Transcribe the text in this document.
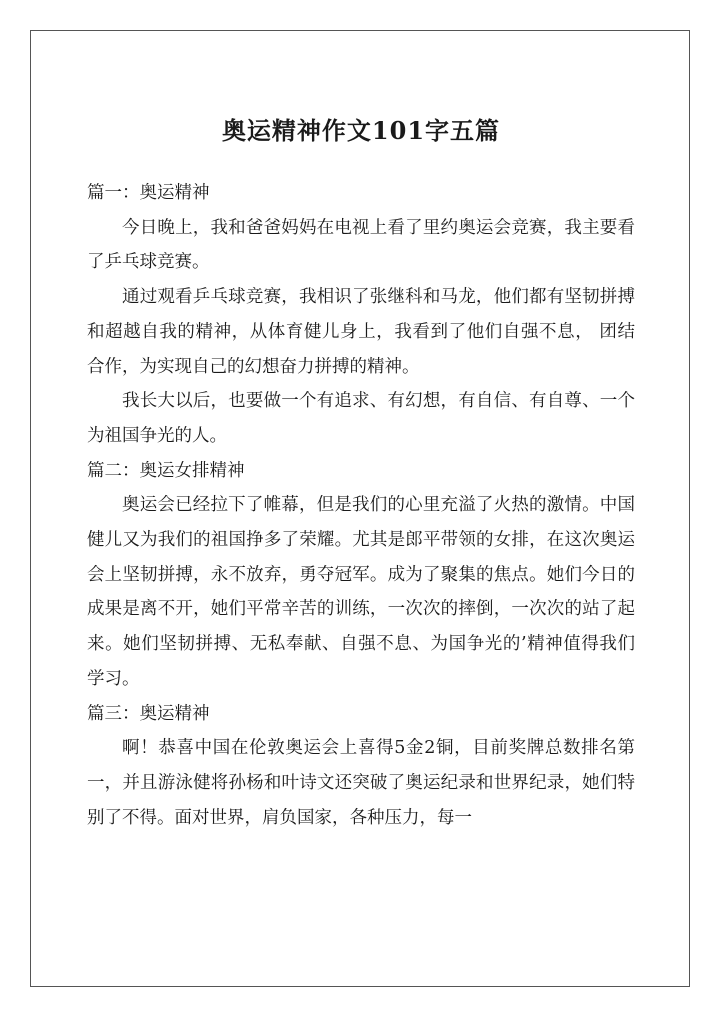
奥运精神作文101字五篇

篇一：奥运精神

今日晚上，我和爸爸妈妈在电视上看了里约奥运会竞赛，我主要看了乒乓球竞赛。

通过观看乒乓球竞赛，我相识了张继科和马龙，他们都有坚韧拼搏和超越自我的精神，从体育健儿身上，我看到了他们自强不息， 团结合作，为实现自己的幻想奋力拼搏的精神。

我长大以后，也要做一个有追求、有幻想，有自信、有自尊、一个为祖国争光的人。

篇二：奥运女排精神

奥运会已经拉下了帷幕，但是我们的心里充溢了火热的激情。中国健儿又为我们的祖国挣多了荣耀。尤其是郎平带领的女排，在这次奥运会上坚韧拼搏，永不放弃，勇夺冠军。成为了聚集的焦点。她们今日的成果是离不开，她们平常辛苦的训练，一次次的摔倒，一次次的站了起来。她们坚韧拼搏、无私奉献、自强不息、为国争光的’精神值得我们学习。

篇三：奥运精神

啊！恭喜中国在伦敦奥运会上喜得5金2铜，目前奖牌总数排名第一，并且游泳健将孙杨和叶诗文还突破了奥运纪录和世界纪录，她们特别了不得。面对世界，肩负国家，各种压力，每一
